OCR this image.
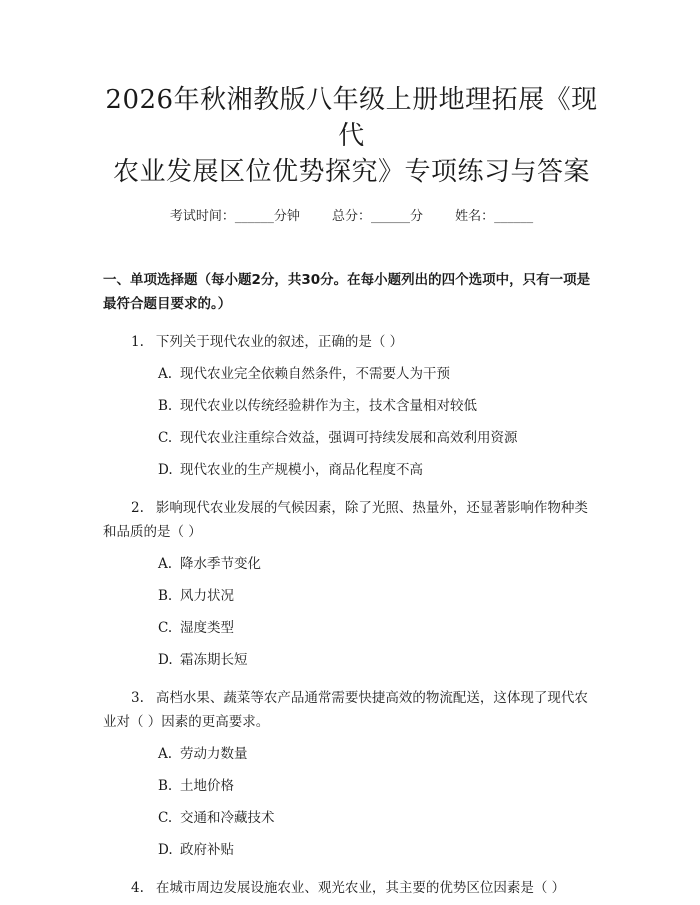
2026年秋湘教版八年级上册地理拓展《现代
农业发展区位优势探究》专项练习与答案
考试时间：______分钟 总分：______分 姓名：______
一、单项选择题（每小题2分，共30分。在每小题列出的四个选项中，只有一项是最符合题目要求的。）
1. 下列关于现代农业的叙述，正确的是（ ）
A. 现代农业完全依赖自然条件，不需要人为干预
B. 现代农业以传统经验耕作为主，技术含量相对较低
C. 现代农业注重综合效益，强调可持续发展和高效利用资源
D. 现代农业的生产规模小，商品化程度不高
2. 影响现代农业发展的气候因素，除了光照、热量外，还显著影响作物种类和品质的是（ ）
A. 降水季节变化
B. 风力状况
C. 湿度类型
D. 霜冻期长短
3. 高档水果、蔬菜等农产品通常需要快捷高效的物流配送，这体现了现代农业对（ ）因素的更高要求。
A. 劳动力数量
B. 土地价格
C. 交通和冷藏技术
D. 政府补贴
4. 在城市周边发展设施农业、观光农业，其主要的优势区位因素是（ ）
